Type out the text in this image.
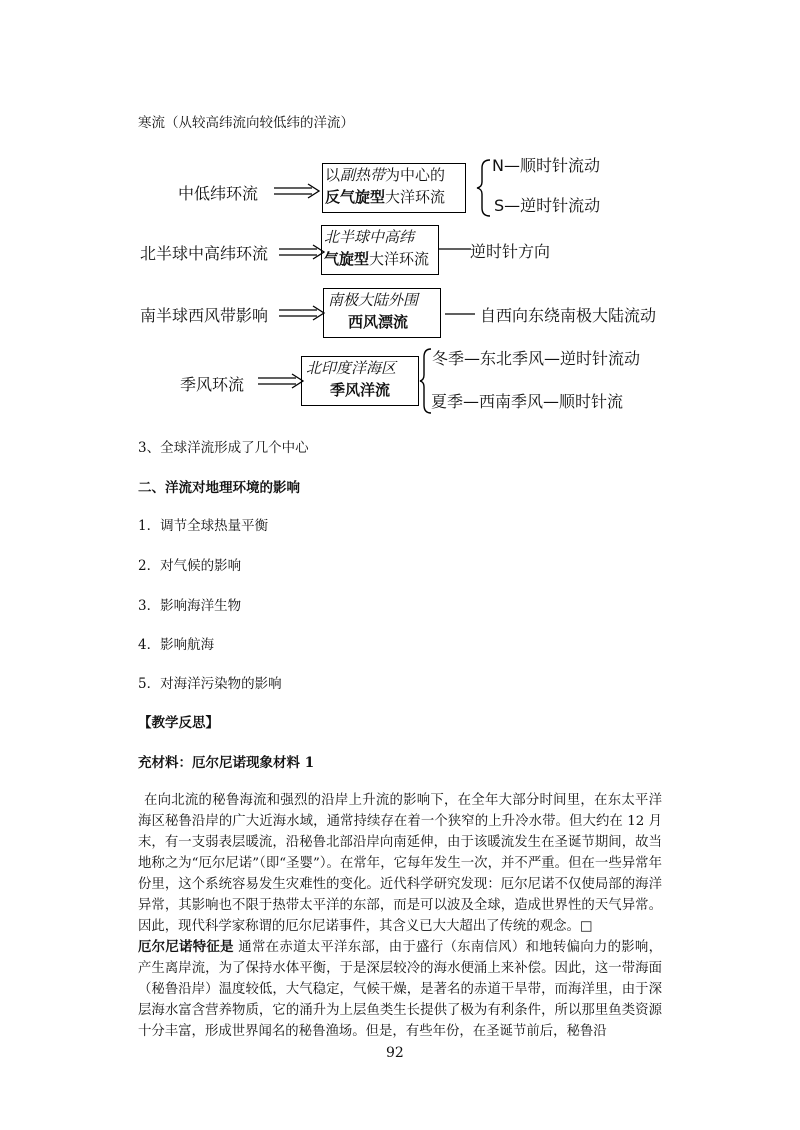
寒流（从较高纬流向较低纬的洋流）
中低纬环流
以副热带为中心的
反气旋型大洋环流
N—顺时针流动
S—逆时针流动
北半球中高纬环流
北半球中高纬
气旋型大洋环流	逆时针方向
南半球西风带影响
南极大陆外围
西风漂流	自西向东绕南极大陆流动
季风环流
北印度洋海区
季风洋流
冬季—东北季风—逆时针流动
夏季—西南季风—顺时针流
3、全球洋流形成了几个中心
二、洋流对地理环境的影响
1．调节全球热量平衡
2．对气候的影响
3．影响海洋生物
4．影响航海
5．对海洋污染物的影响
【教学反思】
充材料：厄尔尼诺现象材料 1

在向北流的秘鲁海流和强烈的沿岸上升流的影响下，在全年大部分时间里，在东太平洋海区秘鲁沿岸的广大近海水域，通常持续存在着一个狭窄的上升冷水带。但大约在 12 月末，有一支弱表层暖流，沿秘鲁北部沿岸向南延伸，由于该暖流发生在圣诞节期间，故当地称之为“厄尔尼诺”（即“圣婴”）。在常年，它每年发生一次，并不严重。但在一些异常年份里，这个系统容易发生灾难性的变化。近代科学研究发现：厄尔尼诺不仅使局部的海洋异常，其影响也不限于热带太平洋的东部，而是可以波及全球，造成世界性的天气异常。因此，现代科学家称谓的厄尔尼诺事件，其含义已大大超出了传统的观念。□

厄尔尼诺特征是 通常在赤道太平洋东部，由于盛行（东南信风）和地转偏向力的影响，产生离岸流，为了保持水体平衡，于是深层较冷的海水便涌上来补偿。因此，这一带海面（秘鲁沿岸）温度较低，大气稳定，气候干燥，是著名的赤道干旱带，而海洋里，由于深层海水富含营养物质，它的涌升为上层鱼类生长提供了极为有利条件，所以那里鱼类资源十分丰富，形成世界闻名的秘鲁渔场。但是，有些年份，在圣诞节前后，秘鲁沿

92
